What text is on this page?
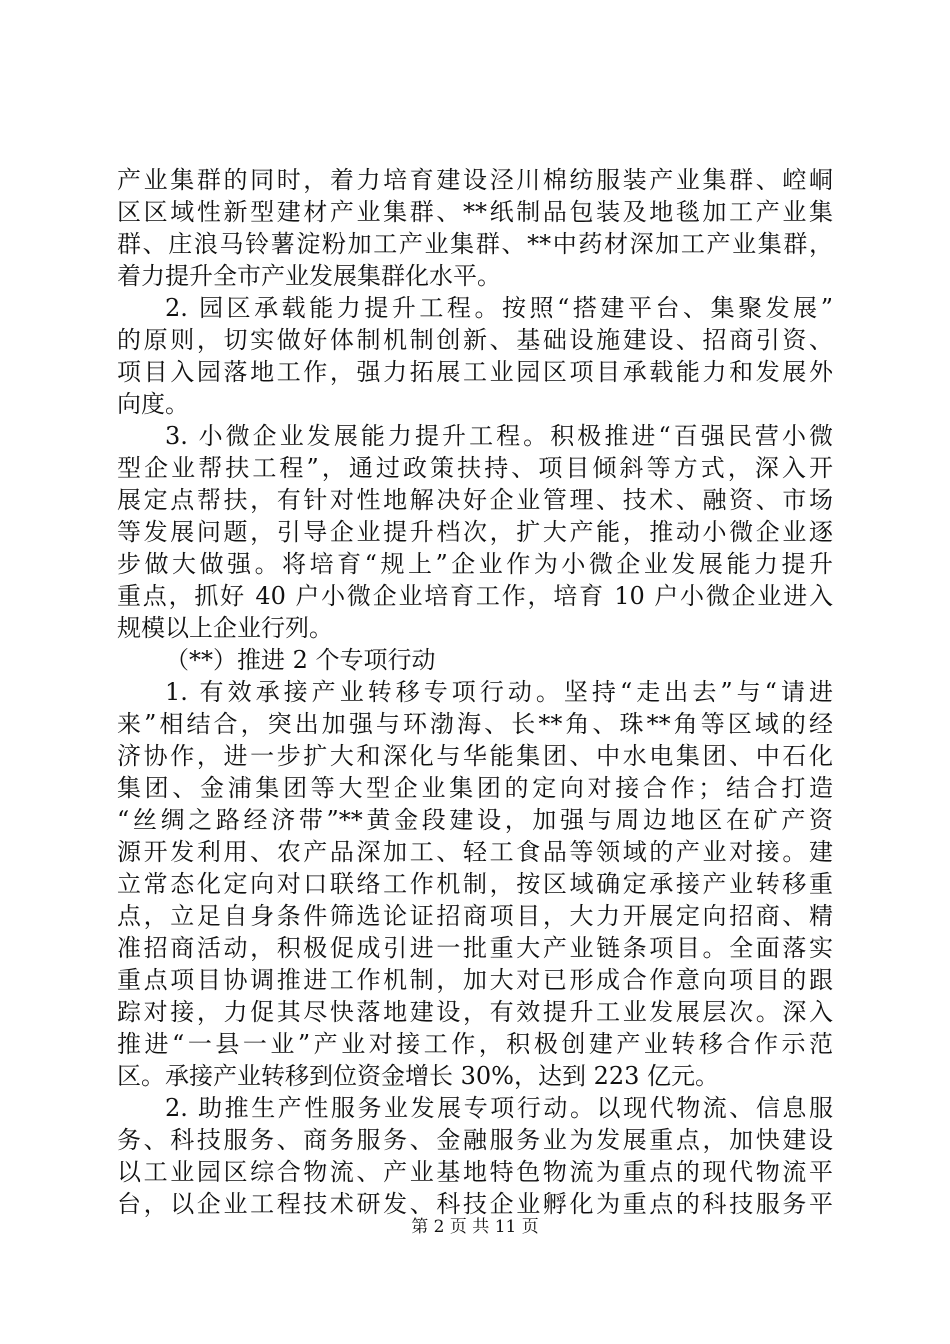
产业集群的同时，着力培育建设泾川棉纺服装产业集群、崆峒
区区域性新型建材产业集群、**纸制品包装及地毯加工产业集
群、庄浪马铃薯淀粉加工产业集群、**中药材深加工产业集群，
着力提升全市产业发展集群化水平。
2. 园区承载能力提升工程。按照“搭建平台、集聚发展”
的原则，切实做好体制机制创新、基础设施建设、招商引资、
项目入园落地工作，强力拓展工业园区项目承载能力和发展外
向度。
3. 小微企业发展能力提升工程。积极推进“百强民营小微
型企业帮扶工程”，通过政策扶持、项目倾斜等方式，深入开
展定点帮扶，有针对性地解决好企业管理、技术、融资、市场
等发展问题，引导企业提升档次，扩大产能，推动小微企业逐
步做大做强。将培育“规上”企业作为小微企业发展能力提升
重点，抓好 40 户小微企业培育工作，培育 10 户小微企业进入
规模以上企业行列。
（**）推进 2 个专项行动
1. 有效承接产业转移专项行动。坚持“走出去”与“请进
来”相结合，突出加强与环渤海、长**角、珠**角等区域的经
济协作，进一步扩大和深化与华能集团、中水电集团、中石化
集团、金浦集团等大型企业集团的定向对接合作；结合打造
“丝绸之路经济带”**黄金段建设，加强与周边地区在矿产资
源开发利用、农产品深加工、轻工食品等领域的产业对接。建
立常态化定向对口联络工作机制，按区域确定承接产业转移重
点，立足自身条件筛选论证招商项目，大力开展定向招商、精
准招商活动，积极促成引进一批重大产业链条项目。全面落实
重点项目协调推进工作机制，加大对已形成合作意向项目的跟
踪对接，力促其尽快落地建设，有效提升工业发展层次。深入
推进“一县一业”产业对接工作，积极创建产业转移合作示范
区。承接产业转移到位资金增长 30%，达到 223 亿元。
2. 助推生产性服务业发展专项行动。以现代物流、信息服
务、科技服务、商务服务、金融服务业为发展重点，加快建设
以工业园区综合物流、产业基地特色物流为重点的现代物流平
台，以企业工程技术研发、科技企业孵化为重点的科技服务平
第 2 页 共 11 页
